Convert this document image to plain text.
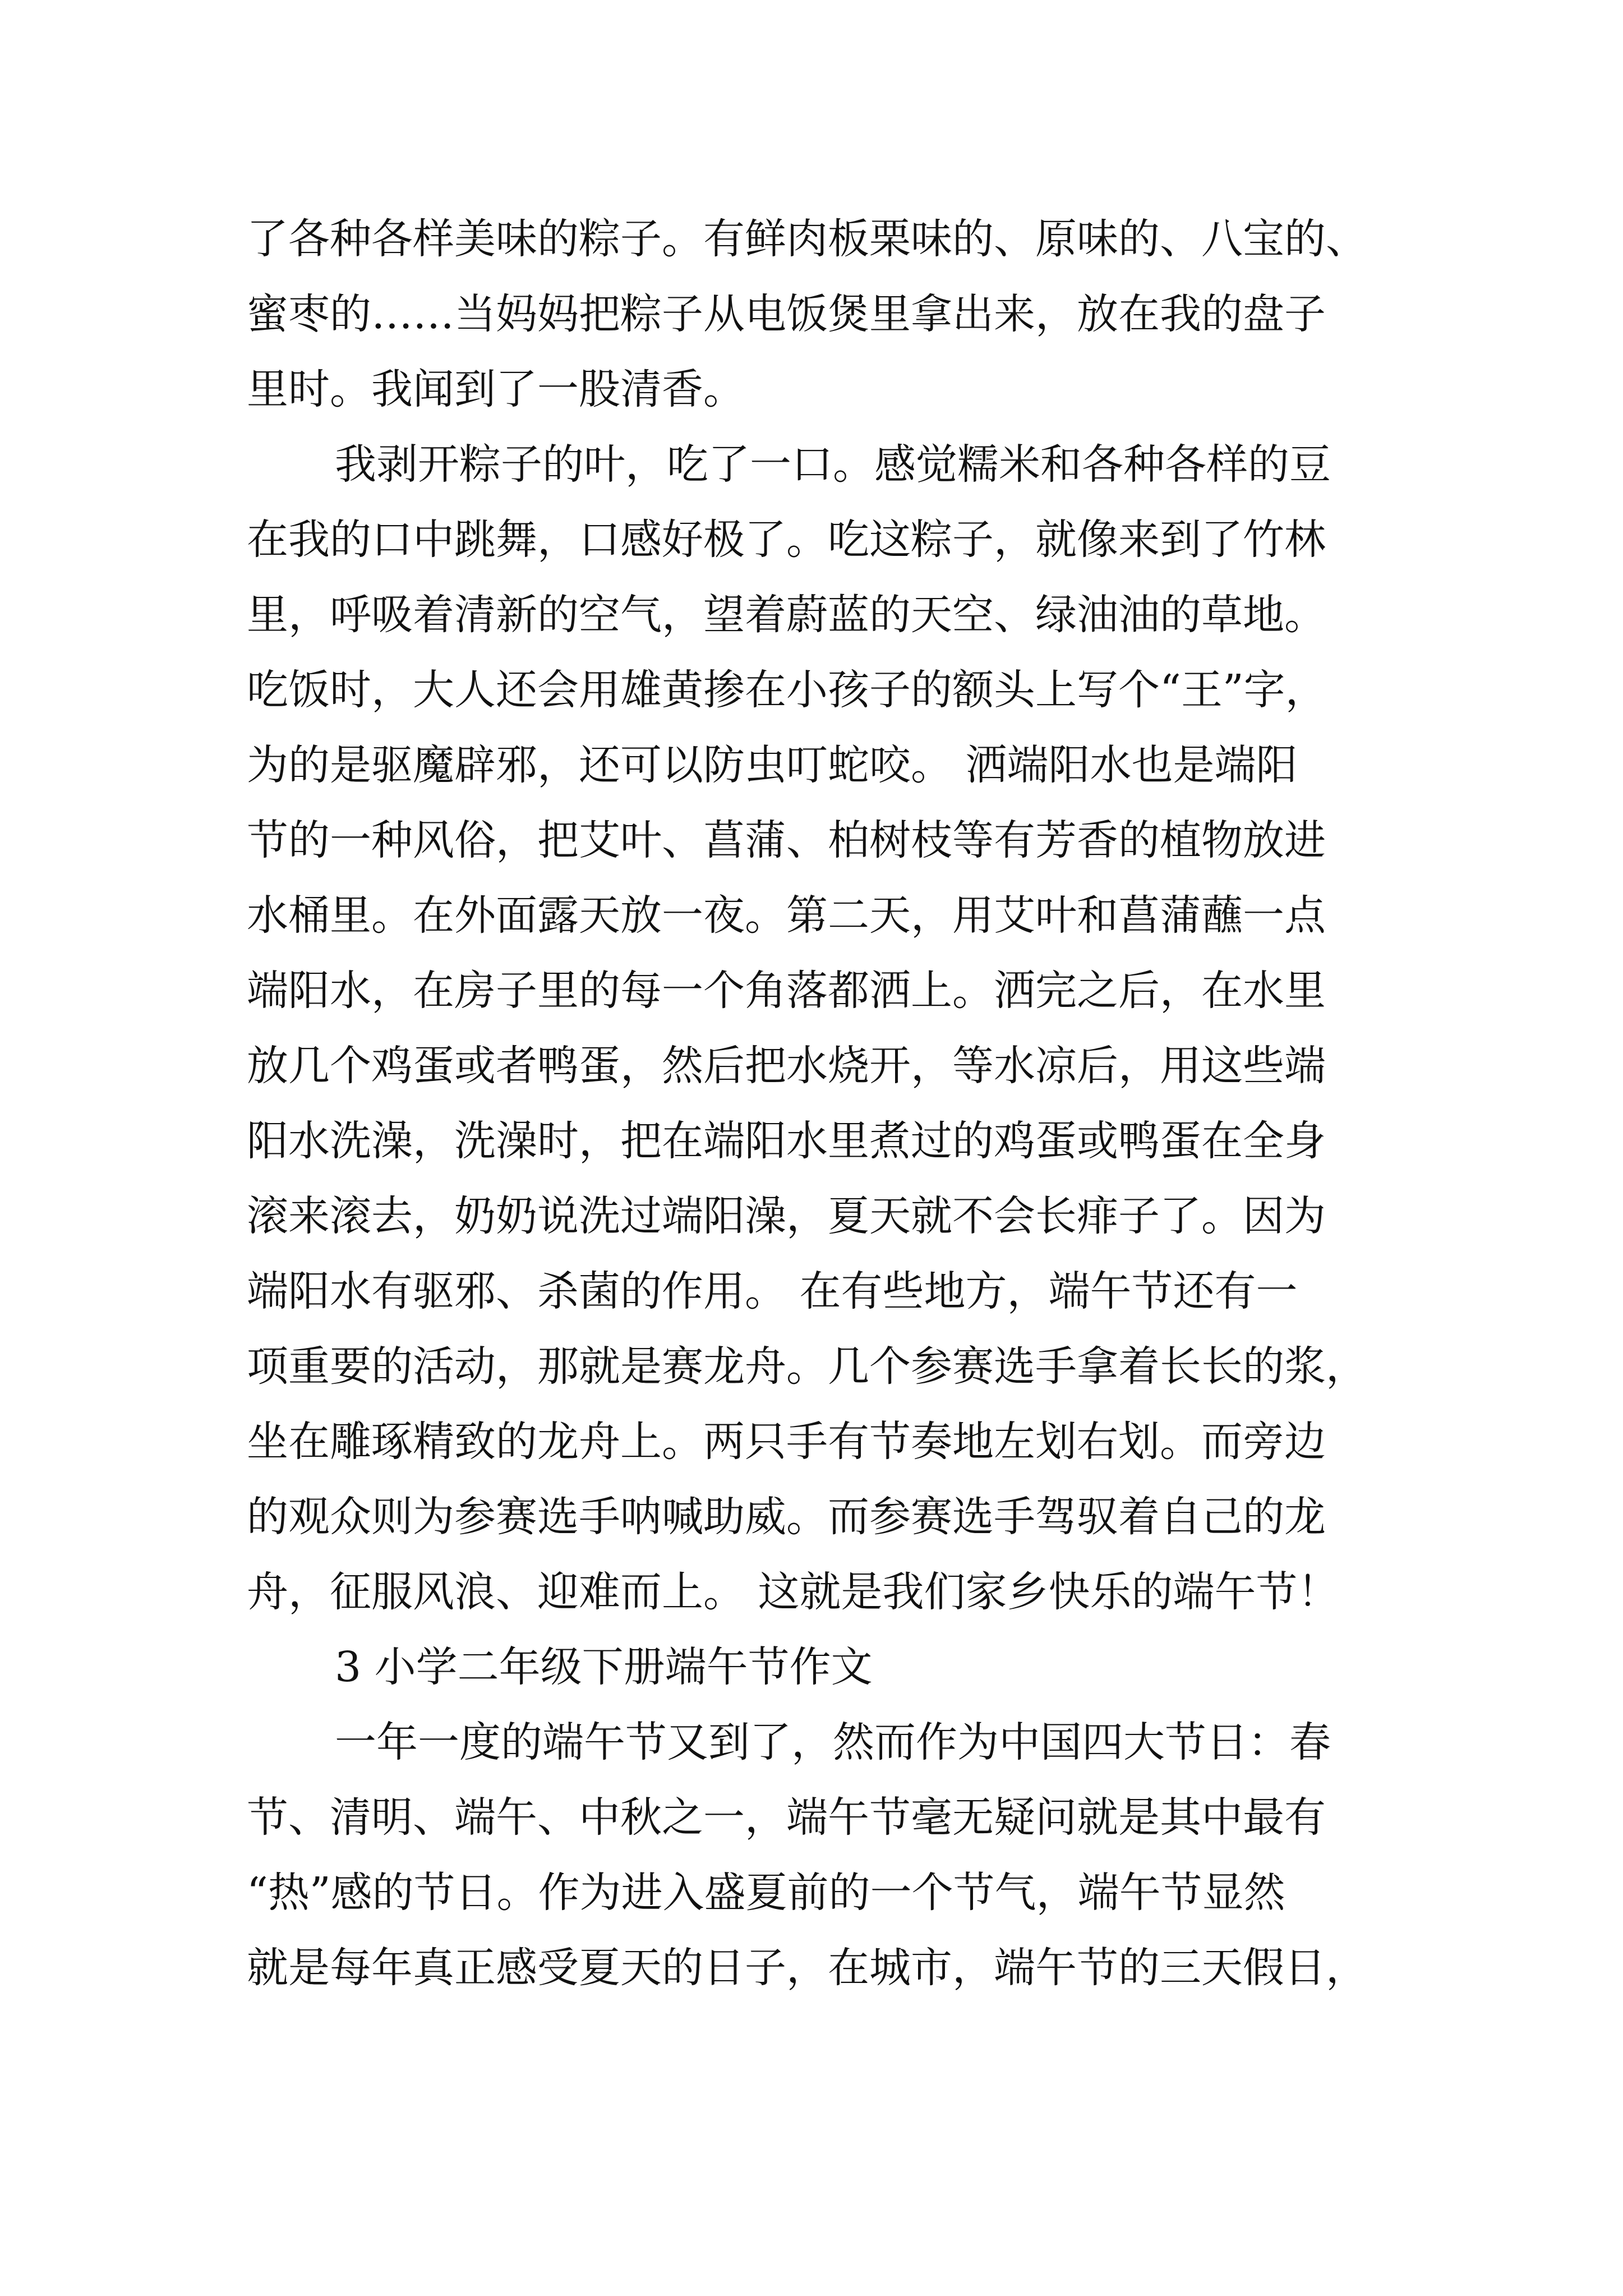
了各种各样美味的粽子。有鲜肉板栗味的、原味的、八宝的、
蜜枣的……当妈妈把粽子从电饭煲里拿出来，放在我的盘子
里时。我闻到了一股清香。
我剥开粽子的叶，吃了一口。感觉糯米和各种各样的豆
在我的口中跳舞，口感好极了。吃这粽子，就像来到了竹林
里，呼吸着清新的空气，望着蔚蓝的天空、绿油油的草地。
吃饭时，大人还会用雄黄掺在小孩子的额头上写个“王”字，
为的是驱魔辟邪，还可以防虫叮蛇咬。 洒端阳水也是端阳
节的一种风俗，把艾叶、菖蒲、柏树枝等有芳香的植物放进
水桶里。在外面露天放一夜。第二天，用艾叶和菖蒲蘸一点
端阳水，在房子里的每一个角落都洒上。洒完之后，在水里
放几个鸡蛋或者鸭蛋，然后把水烧开，等水凉后，用这些端
阳水洗澡，洗澡时，把在端阳水里煮过的鸡蛋或鸭蛋在全身
滚来滚去，奶奶说洗过端阳澡，夏天就不会长痱子了。因为
端阳水有驱邪、杀菌的作用。 在有些地方，端午节还有一
项重要的活动，那就是赛龙舟。几个参赛选手拿着长长的浆，
坐在雕琢精致的龙舟上。两只手有节奏地左划右划。而旁边
的观众则为参赛选手呐喊助威。而参赛选手驾驭着自己的龙
舟，征服风浪、迎难而上。 这就是我们家乡快乐的端午节！
3 小学二年级下册端午节作文
一年一度的端午节又到了，然而作为中国四大节日：春
节、清明、端午、中秋之一，端午节毫无疑问就是其中最有
“热”感的节日。作为进入盛夏前的一个节气，端午节显然
就是每年真正感受夏天的日子，在城市，端午节的三天假日，
